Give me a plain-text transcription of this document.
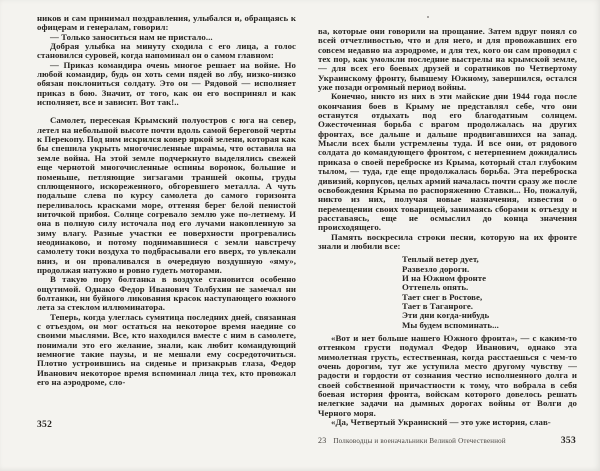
ников и сам принимал поздравления, улыбался и, обращаясь к офицерам и генералам, говорил:

— Только заноситься нам не пристало...

Добрая улыбка на минуту сходила с его лица, а голос становился суровей, когда напоминал он о самом главном:

— Приказ командира очень многое решает на войне. Но любой командир, будь он хоть семи пядей во лбу, низко-низко обязан поклониться солдату. Это он — Рядовой — исполняет приказ в бою. Значит, от того, как он его воспринял и как исполняет, все и зависит. Вот так!..

Самолет, пересекая Крымский полуостров с юга на север, летел на небольшой высоте почти вдоль самой береговой черты к Перекопу. Под ним искрился ковер яркой зелени, которая как бы спешила укрыть многочисленные шрамы, что оставила на земле война. На этой земле подчеркнуто выделялись свежей еще чернотой многочисленные оспины воронок, большие и поменьше, петляющие зигзагами траншей окопы, груды сплющенного, искореженного, обгоревшего металла. А чуть подальше слева по курсу самолета до самого горизонта переливалось красками море, оттеняя берег белой пенистой ниточкой прибоя. Солнце согревало землю уже по-летнему. И она в полную силу источала под его лучами накопленную за зиму влагу. Разные участки ее поверхности прогревались неодинаково, и потому поднимавшиеся с земли навстречу самолету токи воздуха то подбрасывали его вверх, то увлекали вниз, и он проваливался в очередную воздушную «яму», продолжая натужно и ровно гудеть моторами.

В такую пору болтанка в воздухе становится особенно ощутимой. Однако Федор Иванович Толбухин не замечал ни болтанки, ни буйного ликования красок наступающего южного лета за стеклом иллюминатора.

Теперь, когда улеглась сумятица последних дней, связанная с отъездом, он мог остаться на некоторое время наедине со своими мыслями. Все, кто находился вместе с ним в самолете, понимали это его желание, знали, как любит командующий немногие такие паузы, и не мешали ему сосредоточиться. Плотно устроившись на сиденье и призакрыв глаза, Федор Иванович некоторое время вспоминал лица тех, кто провожал его на аэродроме, сло-

ва, которые они говорили на прощание. Затем вдруг понял со всей отчетливостью, что и для него, и для провожавших его совсем недавно на аэродроме, и для тех, кого он сам проводил с тех пор, как умолкли последние выстрелы на крымской земле, — для всех его боевых друзей и соратников по Четвертому Украинскому фронту, бывшему Южному, завершился, остался уже позади огромный период войны.

Конечно, никто из них в эти майские дни 1944 года после окончания боев в Крыму не представлял себе, что они останутся отдыхать под его благодатным солнцем. Ожесточенная борьба с врагом продолжалась на других фронтах, все дальше и дальше продвигавшихся на запад. Мысли всех были устремлены туда. И все они, от рядового солдата до командующего фронтом, с нетерпением дожидались приказа о своей переброске из Крыма, который стал глубоким тылом, — туда, где еще продолжалась борьба. Эта переброска дивизий, корпусов, целых армий началась почти сразу же после освобождения Крыма по распоряжению Ставки... Но, пожалуй, никто из них, получая новые назначения, известия о перемещении своих товарищей, занимаясь сборами к отъезду и расставаясь, еще не осмыслил до конца значения происходящего.

Память воскресила строки песни, которую на их фронте знали и любили все:

Теплый ветер дует,
Развезло дороги.
И на Южном фронте
Оттепель опять.
Тает снег в Ростове,
Тает в Таганроге.
Эти дни когда-нибудь
Мы будем вспоминать...

«Вот и нет больше нашего Южного фронта», — с каким-то оттенком грусти подумал Федор Иванович, однако эта мимолетная грусть, естественная, когда расстаешься с чем-то очень дорогим, тут же уступила место другому чувству — радости и гордости от сознания честно исполненного долга и своей собственной причастности к тому, что вобрала в себя боевая история фронта, войскам которого довелось решать нелегкие задачи на дымных дорогах войны от Волги до Черного моря.

«Да, Четвертый Украинский — это уже история, слав-

352
23 Полководцы и военачальники Великой Отечественной	353
